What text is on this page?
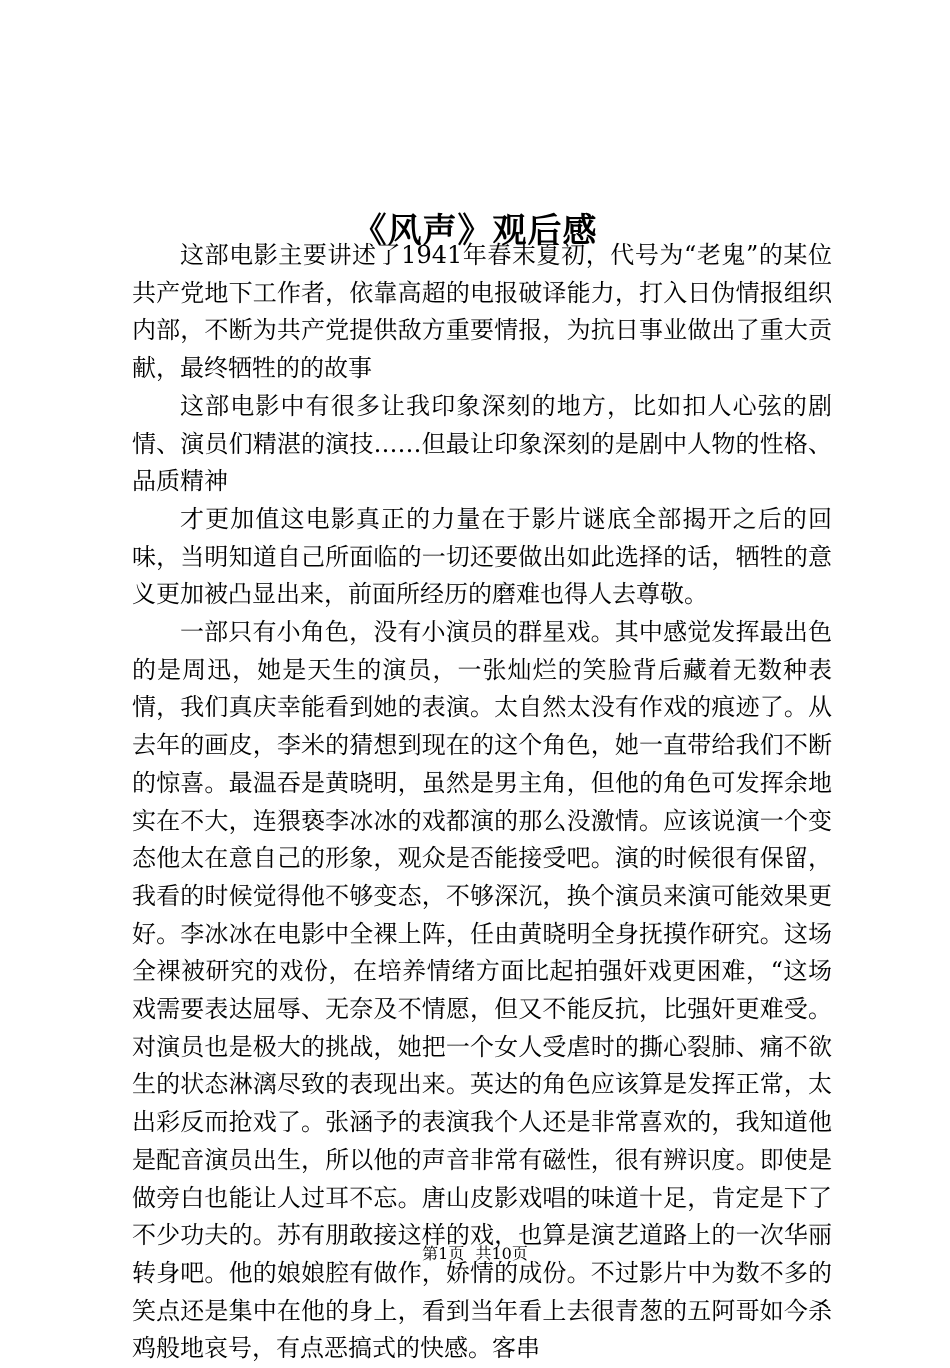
《风声》观后感

这部电影主要讲述了1941年春末夏初，代号为“老鬼”的某位共产党地下工作者，依靠高超的电报破译能力，打入日伪情报组织内部，不断为共产党提供敌方重要情报，为抗日事业做出了重大贡献，最终牺牲的的故事

这部电影中有很多让我印象深刻的地方，比如扣人心弦的剧情、演员们精湛的演技……但最让印象深刻的是剧中人物的性格、品质精神

才更加值这电影真正的力量在于影片谜底全部揭开之后的回味，当明知道自己所面临的一切还要做出如此选择的话，牺牲的意义更加被凸显出来，前面所经历的磨难也得人去尊敬。

一部只有小角色，没有小演员的群星戏。其中感觉发挥最出色的是周迅，她是天生的演员，一张灿烂的笑脸背后藏着无数种表情，我们真庆幸能看到她的表演。太自然太没有作戏的痕迹了。从去年的画皮，李米的猜想到现在的这个角色，她一直带给我们不断的惊喜。最温吞是黄晓明，虽然是男主角，但他的角色可发挥余地实在不大，连猥亵李冰冰的戏都演的那么没激情。应该说演一个变态他太在意自己的形象，观众是否能接受吧。演的时候很有保留，我看的时候觉得他不够变态，不够深沉，换个演员来演可能效果更好。李冰冰在电影中全裸上阵，任由黄晓明全身抚摸作研究。这场全裸被研究的戏份，在培养情绪方面比起拍强奸戏更困难，“这场戏需要表达屈辱、无奈及不情愿，但又不能反抗，比强奸更难受。对演员也是极大的挑战，她把一个女人受虐时的撕心裂肺、痛不欲生的状态淋漓尽致的表现出来。英达的角色应该算是发挥正常，太出彩反而抢戏了。张涵予的表演我个人还是非常喜欢的，我知道他是配音演员出生，所以他的声音非常有磁性，很有辨识度。即使是做旁白也能让人过耳不忘。唐山皮影戏唱的味道十足，肯定是下了不少功夫的。苏有朋敢接这样的戏，也算是演艺道路上的一次华丽转身吧。他的娘娘腔有做作，娇情的成份。不过影片中为数不多的笑点还是集中在他的身上，看到当年看上去很青葱的五阿哥如今杀鸡般地哀号，有点恶搞式的快感。客串

第1页 共10页
